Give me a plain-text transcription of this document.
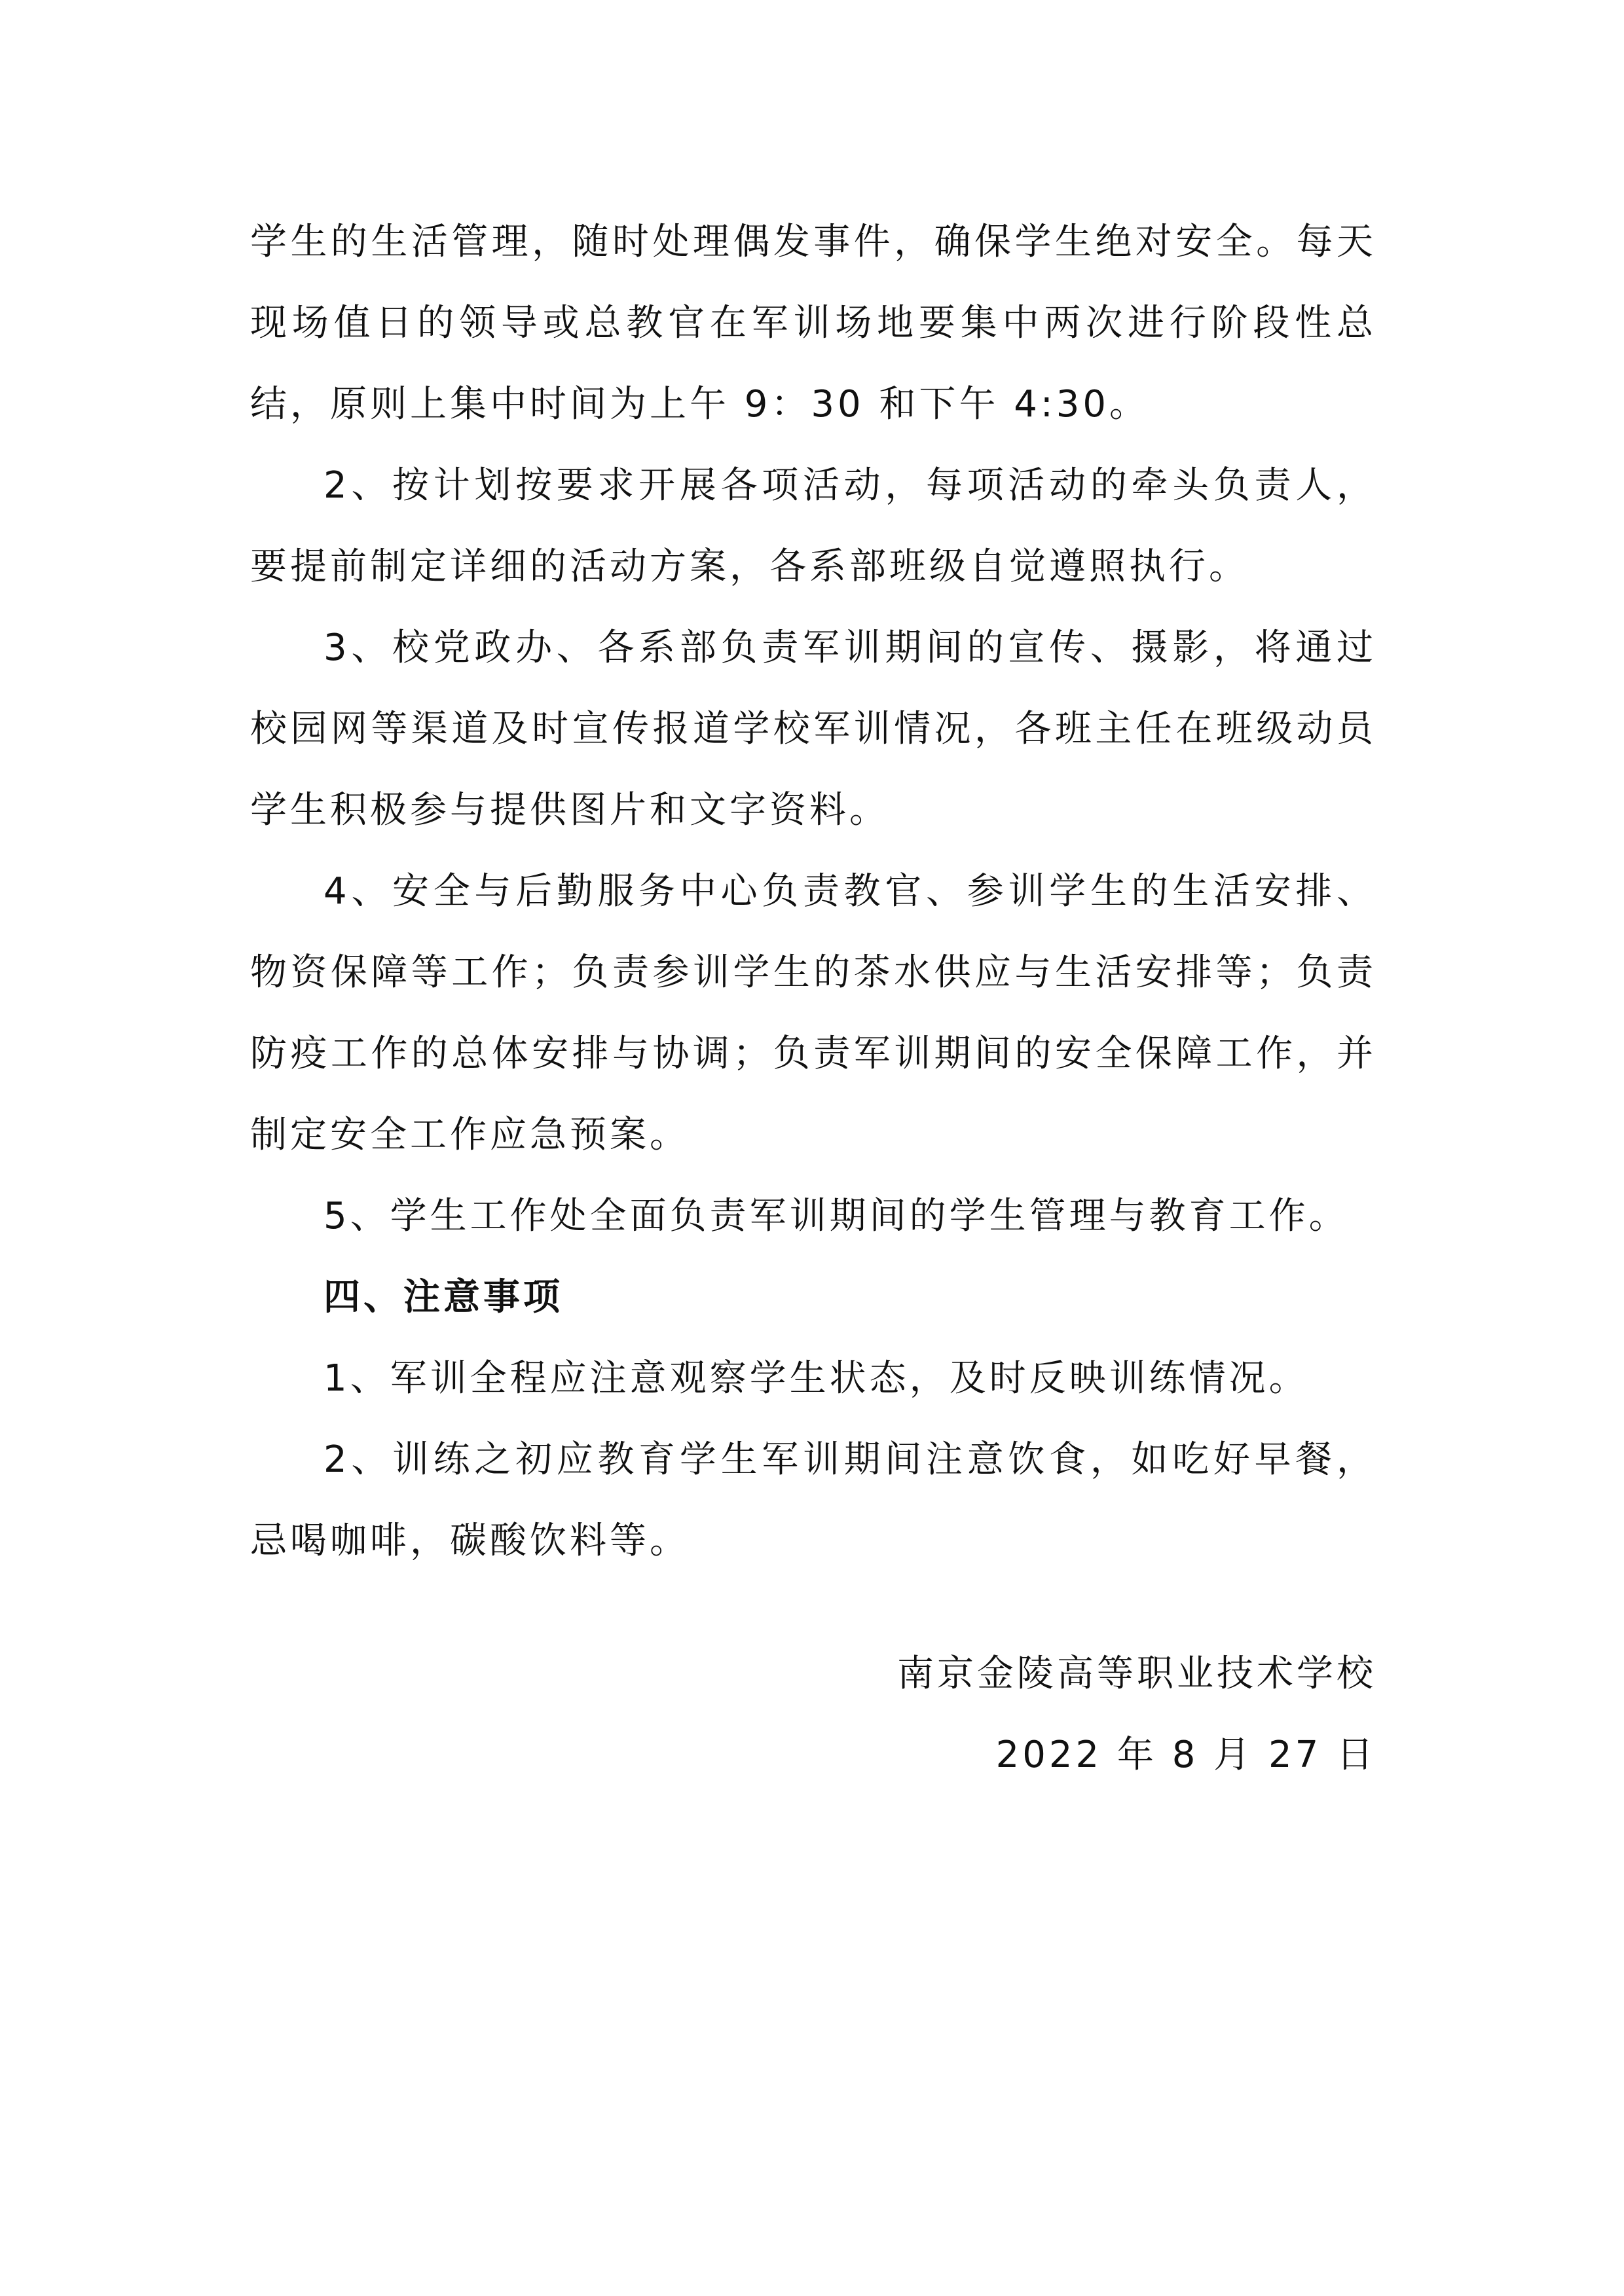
学生的生活管理，随时处理偶发事件，确保学生绝对安全。每天现场值日的领导或总教官在军训场地要集中两次进行阶段性总结，原则上集中时间为上午 9：30 和下午 4:30。

2、按计划按要求开展各项活动，每项活动的牵头负责人，要提前制定详细的活动方案，各系部班级自觉遵照执行。

3、校党政办、各系部负责军训期间的宣传、摄影，将通过校园网等渠道及时宣传报道学校军训情况，各班主任在班级动员学生积极参与提供图片和文字资料。

4、安全与后勤服务中心负责教官、参训学生的生活安排、物资保障等工作；负责参训学生的茶水供应与生活安排等；负责防疫工作的总体安排与协调；负责军训期间的安全保障工作，并制定安全工作应急预案。

5、学生工作处全面负责军训期间的学生管理与教育工作。

四、注意事项

1、军训全程应注意观察学生状态，及时反映训练情况。

2、训练之初应教育学生军训期间注意饮食，如吃好早餐，忌喝咖啡，碳酸饮料等。

南京金陵高等职业技术学校

2022 年 8 月 27 日
